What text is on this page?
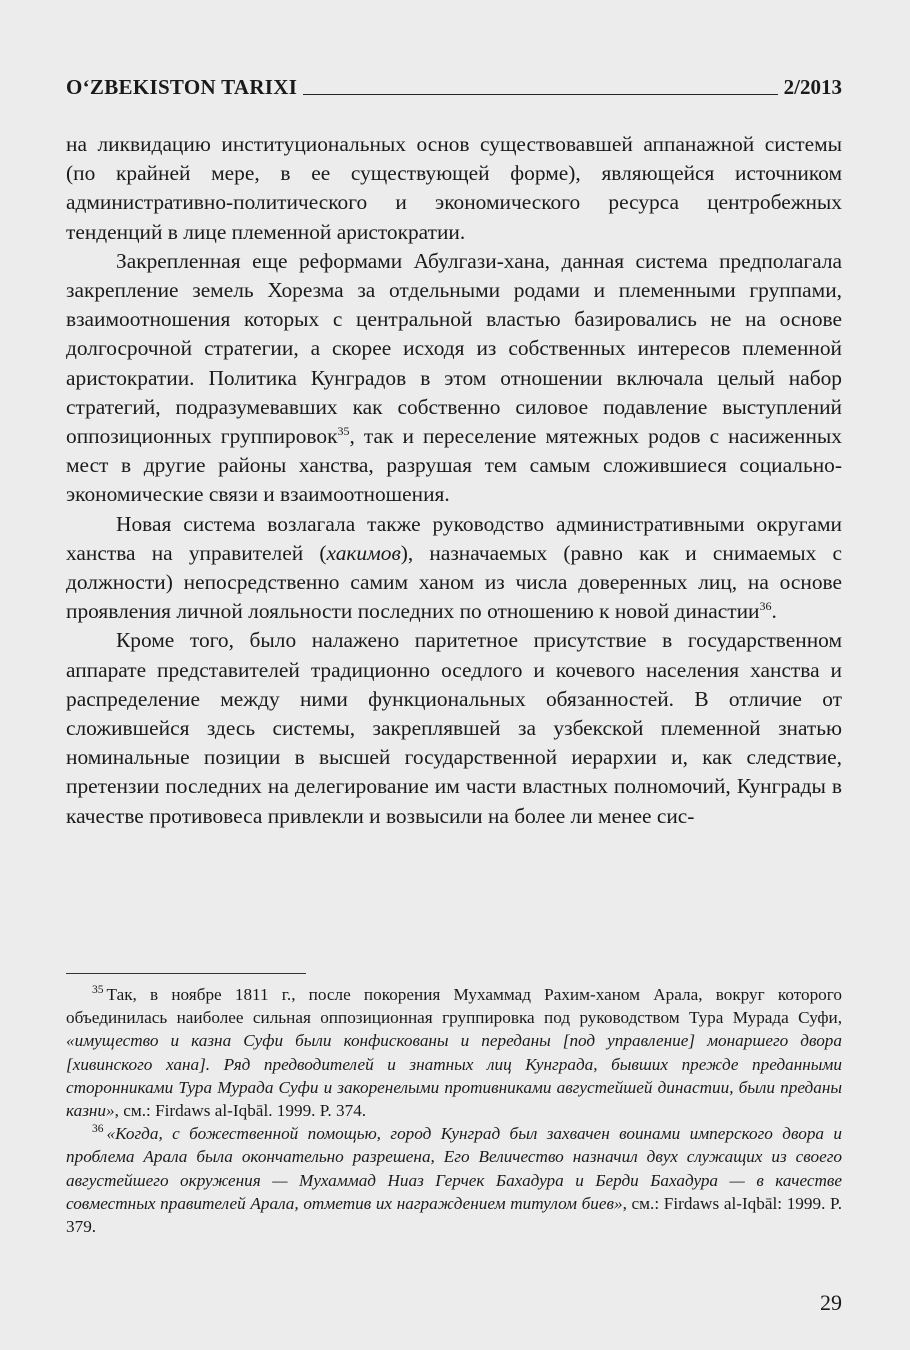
O‘ZBEKISTON TARIXI	2/2013

на ликвидацию институциональных основ существовавшей аппанажной системы (по крайней мере, в ее существующей форме), являющейся источником административно-политического и экономического ресурса центробежных тенденций в лице племенной аристократии.

Закрепленная еще реформами Абулгази-хана, данная система предполагала закрепление земель Хорезма за отдельными родами и племенными группами, взаимоотношения которых с центральной властью базировались не на основе долгосрочной стратегии, а скорее исходя из собственных интересов племенной аристократии. Политика Кунградов в этом отношении включала целый набор стратегий, подразумевавших как собственно силовое подавление выступлений оппозиционных группировок$^{35}$, так и переселение мятежных родов с насиженных мест в другие районы ханства, разрушая тем самым сложившиеся социально-экономические связи и взаимоотношения.

Новая система возлагала также руководство административными округами ханства на управителей (хакимов), назначаемых (равно как и снимаемых с должности) непосредственно самим ханом из числа доверенных лиц, на основе проявления личной лояльности последних по отношению к новой династии$^{36}$.

Кроме того, было налажено паритетное присутствие в государственном аппарате представителей традиционно оседлого и кочевого населения ханства и распределение между ними функциональных обязанностей. В отличие от сложившейся здесь системы, закреплявшей за узбекской племенной знатью номинальные позиции в высшей государственной иерархии и, как следствие, претензии последних на делегирование им части властных полномочий, Кунграды в качестве противовеса привлекли и возвысили на более ли менее сис-

$^{35}$ Так, в ноябре 1811 г., после покорения Мухаммад Рахим-ханом Арала, вокруг которого объединилась наиболее сильная оппозиционная группировка под руководством Тура Мурада Суфи, «имущество и казна Суфи были конфискованы и переданы [под управление] монаршего двора [хивинского хана]. Ряд предводителей и знатных лиц Кунграда, бывших прежде преданными сторонниками Тура Мурада Суфи и закоренелыми противниками августейшей династии, были преданы казни», см.: Firdaws al-Iqbāl. 1999. P. 374.

$^{36}$ «Когда, с божественной помощью, город Кунград был захвачен воинами имперского двора и проблема Арала была окончательно разрешена, Его Величество назначил двух служащих из своего августейшего окружения — Мухаммад Ниаз Герчек Бахадура и Берди Бахадура — в качестве совместных правителей Арала, отметив их награждением титулом биев», см.: Firdaws al-Iqbāl: 1999. P. 379.

29
